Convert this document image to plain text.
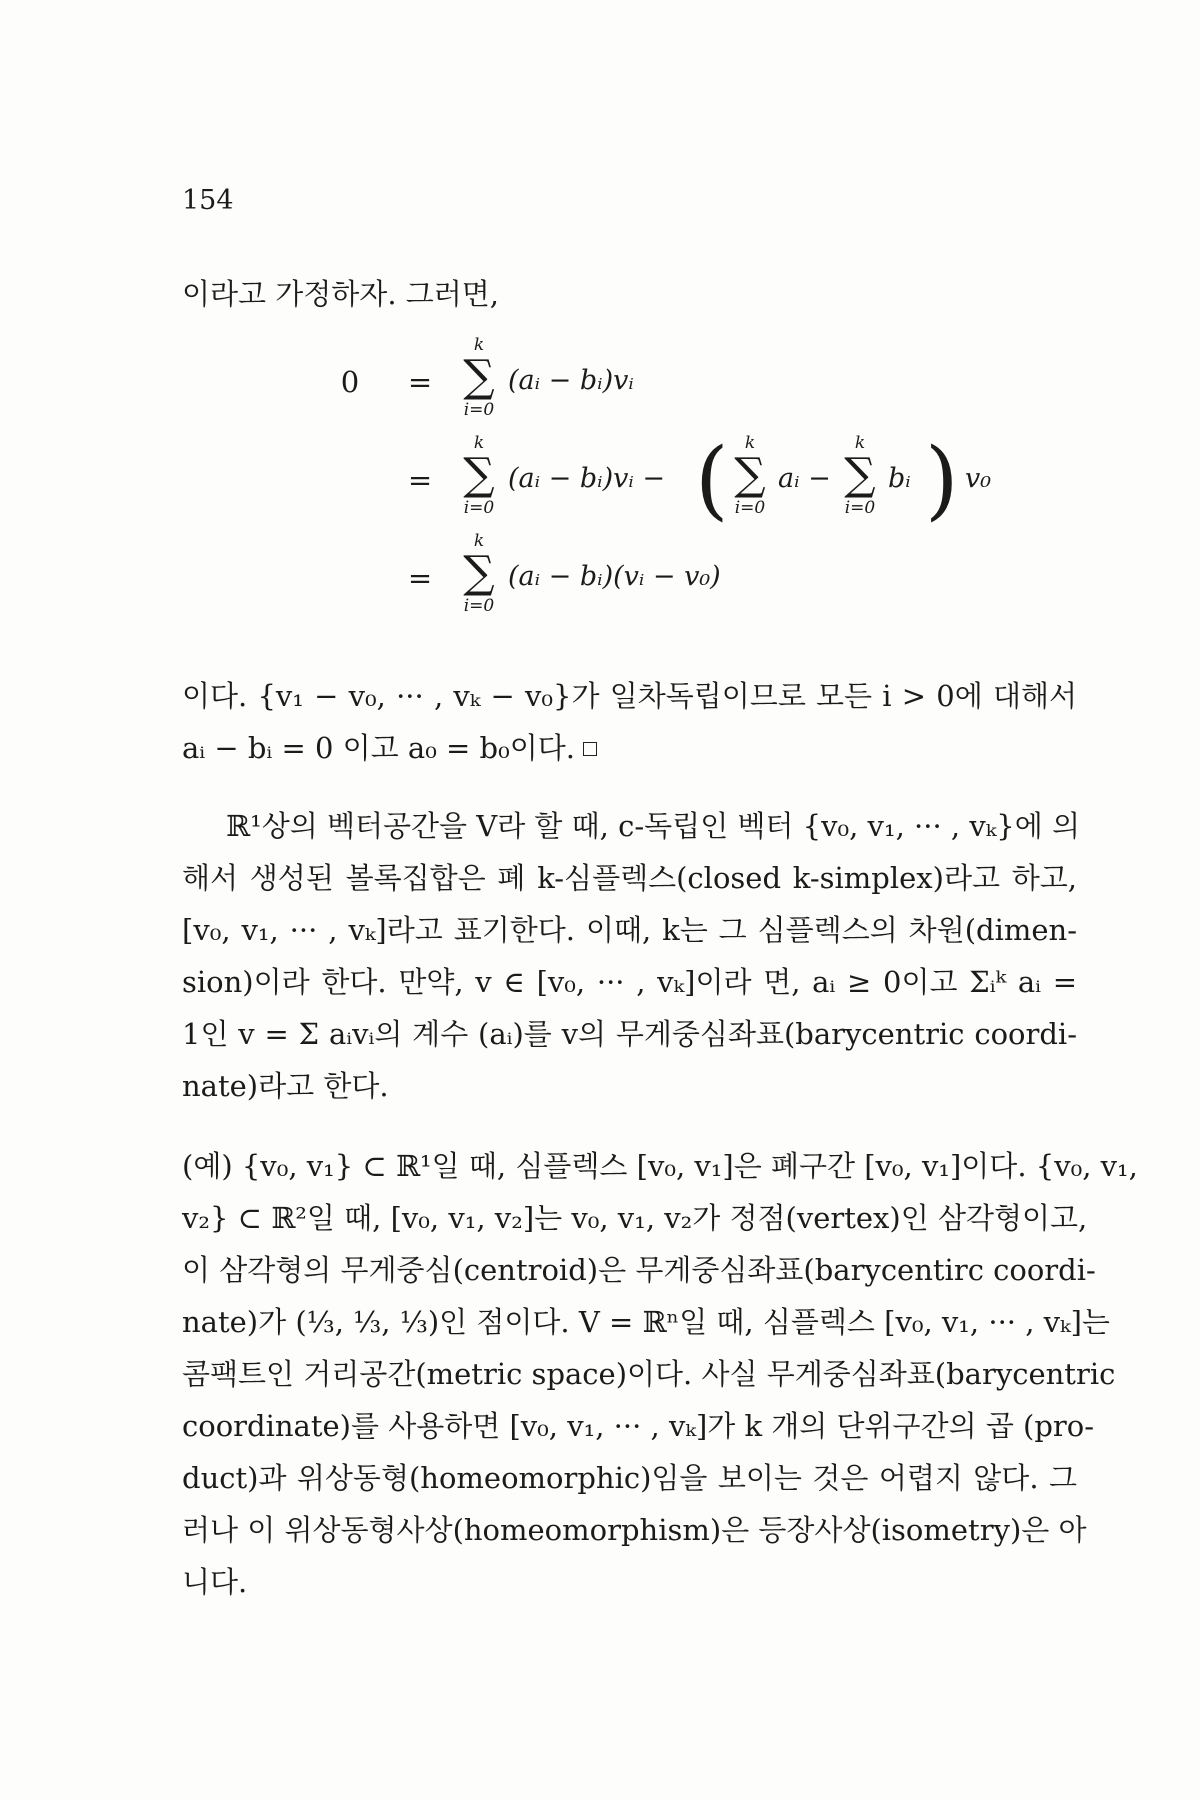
154

이라고 가정하자. 그러면,

0	=
k
∑
i=0
(aᵢ − bᵢ)vᵢ
=
k
∑
i=0
(aᵢ − bᵢ)vᵢ − ( k
∑
i=0
aᵢ −
k
∑
i=0
bᵢ ) v₀
=
k
∑
i=0
(aᵢ − bᵢ)(vᵢ − v₀)

이다. {v₁ − v₀, ··· , vₖ − v₀}가 일차독립이므로 모든 i > 0에 대해서
aᵢ − bᵢ = 0 이고 a₀ = b₀이다.

ℝ¹상의 벡터공간을 V라 할 때, c-독립인 벡터 {v₀, v₁, ··· , vₖ}에 의
해서 생성된 볼록집합은 폐 k-심플렉스(closed k-simplex)라고 하고,
[v₀, v₁, ··· , vₖ]라고 표기한다. 이때, k는 그 심플렉스의 차원(dimen-
sion)이라 한다. 만약, v ∈ [v₀, ··· , vₖ]이라 면, aᵢ ≥ 0이고 Σᵢᵏ aᵢ =
1인 v = Σ aᵢvᵢ의 계수 (aᵢ)를 v의 무게중심좌표(barycentric coordi-
nate)라고 한다.

(예) {v₀, v₁} ⊂ ℝ¹일 때, 심플렉스 [v₀, v₁]은 폐구간 [v₀, v₁]이다. {v₀, v₁,
v₂} ⊂ ℝ²일 때, [v₀, v₁, v₂]는 v₀, v₁, v₂가 정점(vertex)인 삼각형이고,
이 삼각형의 무게중심(centroid)은 무게중심좌표(barycentirc coordi-
nate)가 (⅓, ⅓, ⅓)인 점이다. V = ℝⁿ일 때, 심플렉스 [v₀, v₁, ··· , vₖ]는
콤팩트인 거리공간(metric space)이다. 사실 무게중심좌표(barycentric
coordinate)를 사용하면 [v₀, v₁, ··· , vₖ]가 k 개의 단위구간의 곱 (pro-
duct)과 위상동형(homeomorphic)임을 보이는 것은 어렵지 않다. 그
러나 이 위상동형사상(homeomorphism)은 등장사상(isometry)은 아
니다.
